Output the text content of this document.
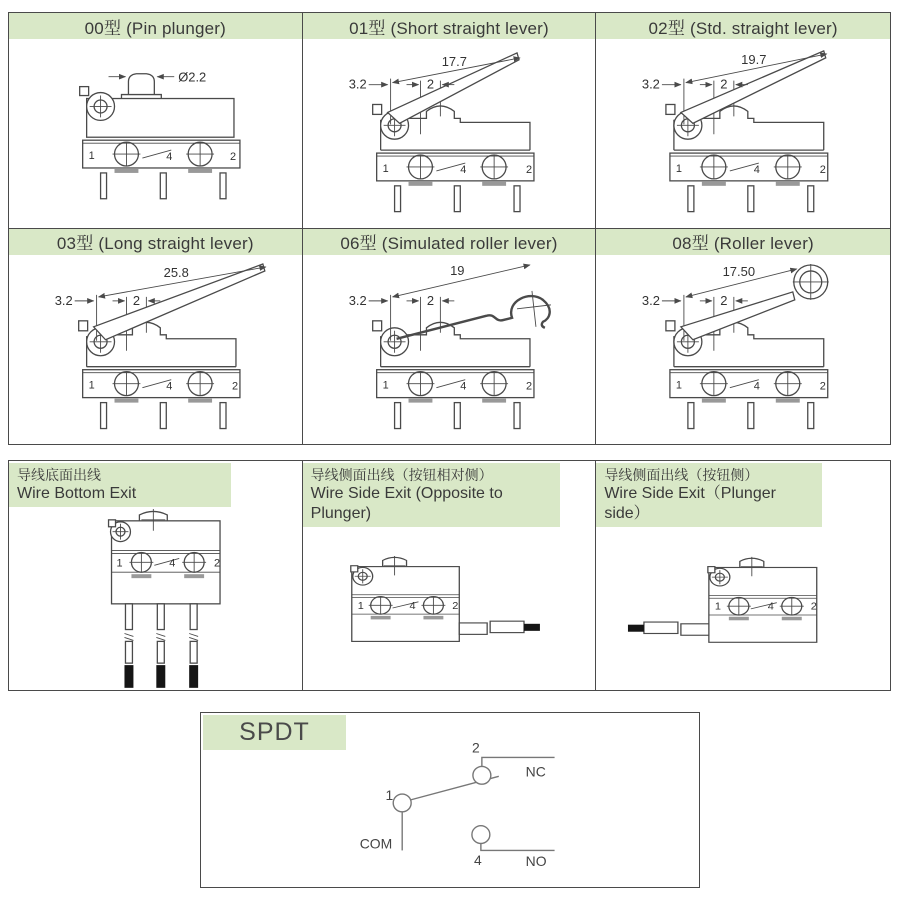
00型 (Pin plunger)
Ø2.2
1	4	2
01型 (Short straight lever)
17.7
3.2	2
1	4	2
02型 (Std. straight lever)
19.7
3.2	2
1	4	2
03型 (Long straight lever)
25.8
3.2	2
1	4	2
06型 (Simulated roller lever)
19
3.2	2
1	4	2
08型 (Roller lever)
17.50
3.2	2
1	4	2
导线底面出线
Wire Bottom Exit
1	4	2
导线侧面出线（按钮相对侧）
Wire Side Exit (Opposite to Plunger)
1	4	2
导线侧面出线（按钮侧）
Wire Side Exit（Plunger side）
1	4	2
2
NC
1
COM
4	NO
SPDT
